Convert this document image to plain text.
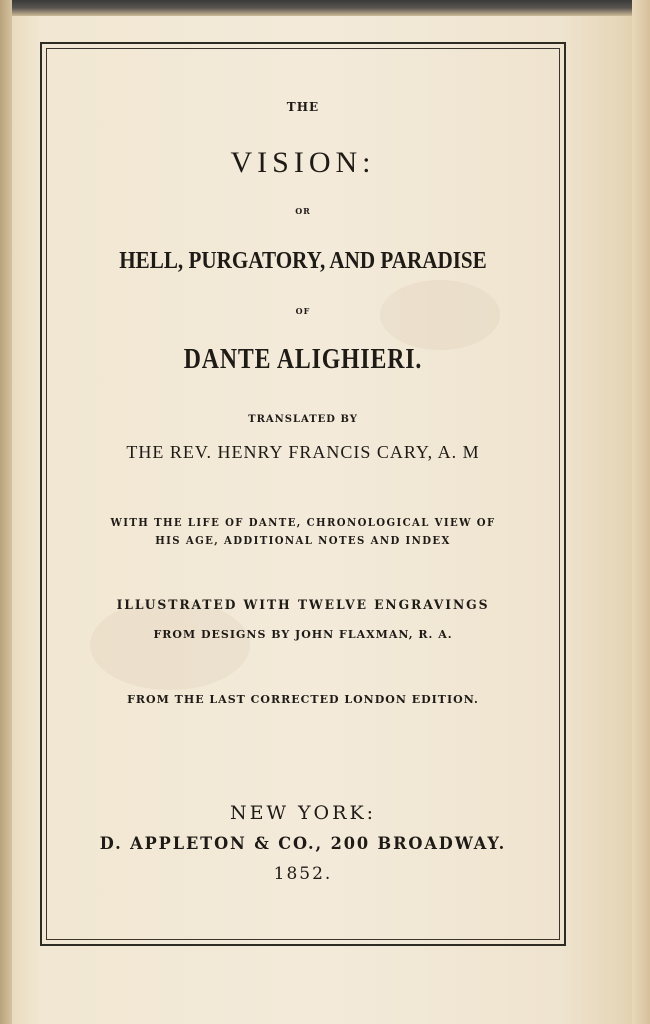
THE
VISION:
OR
HELL, PURGATORY, AND PARADISE
OF
DANTE ALIGHIERI.
TRANSLATED BY
THE REV. HENRY FRANCIS CARY, A. M
WITH THE LIFE OF DANTE, CHRONOLOGICAL VIEW OF
HIS AGE, ADDITIONAL NOTES AND INDEX
ILLUSTRATED WITH TWELVE ENGRAVINGS
FROM DESIGNS BY JOHN FLAXMAN, R. A.
FROM THE LAST CORRECTED LONDON EDITION.
NEW YORK:
D. APPLETON & CO., 200 BROADWAY.
1852.
